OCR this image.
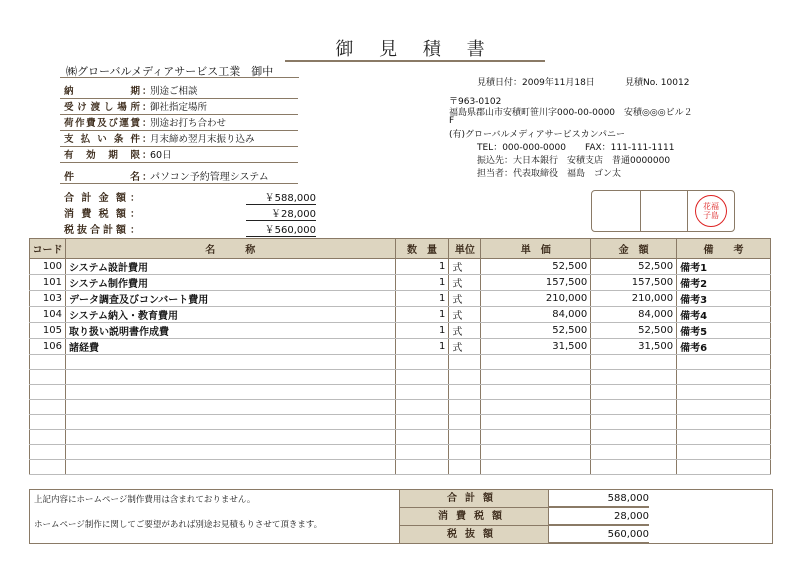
御 見 積 書
㈱グローバルメディアサービス工業　御中
納　　期 ：
別途ご相談
受け渡し場所 ：
御社指定場所
荷作費及び運賃 ：
別途お打ち合わせ
支払い条件 ：
月末締め翌月末振り込み
有効期限 ：
60日
件　　名 ：
パソコン予約管理システム
合計金額 ：	￥588,000
消費税額 ：	￥28,000
税抜合計額 ：	￥560,000
見積日付：2009年11月18日	見積No. 10012
〒963-0102
福島県郡山市安積町笹川字000-00-0000　安積◎◎◎ビル２
F
(有)グローバルメディアサービスカンパニー
TEL：000-000-0000 FAX：111-111-1111
振込先：大日本銀行　安積支店　普通0000000
担当者：代表取締役　福島　ゴン太
花福子島
コード	名　　　称	数　量	単位	単　価	金　額	備　　考
100	システム設計費用	1	式	52,500	52,500	備考1
101	システム制作費用	1	式	157,500	157,500	備考2
103	データ調査及びコンバート費用	1	式	210,000	210,000	備考3
104	システム納入・教育費用	1	式	84,000	84,000	備考4
105	取り扱い説明書作成費	1	式	52,500	52,500	備考5
106	諸経費	1	式	31,500	31,500	備考6

上記内容にホームページ制作費用は含まれておりません。
ホームページ制作に関してご要望があれば別途お見積もりさせて頂きます。
合計額	588,000
消費税額	28,000
税抜額	560,000
